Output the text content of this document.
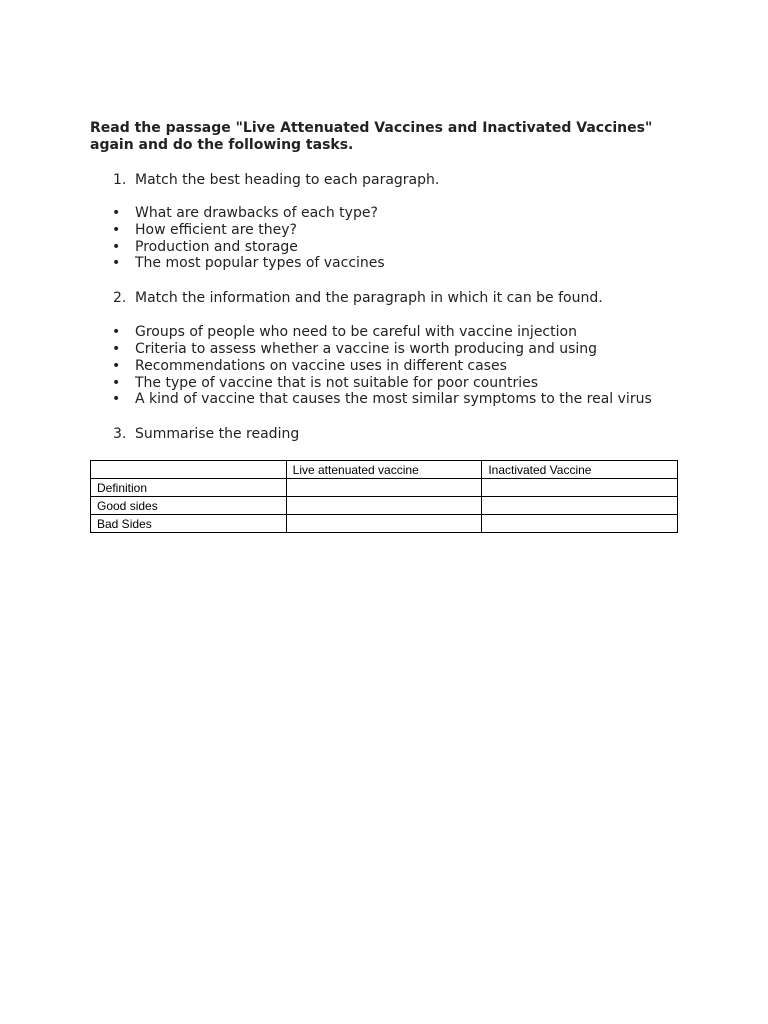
Read the passage "Live Attenuated Vaccines and Inactivated Vaccines" again and do the following tasks.

1. Match the best heading to each paragraph.
•	What are drawbacks of each type?
•	How efficient are they?
•	Production and storage
•	The most popular types of vaccines
2. Match the information and the paragraph in which it can be found.
•	Groups of people who need to be careful with vaccine injection
•	Criteria to assess whether a vaccine is worth producing and using
•	Recommendations on vaccine uses in different cases
•	The type of vaccine that is not suitable for poor countries
•	A kind of vaccine that causes the most similar symptoms to the real virus
3. Summarise the reading
	Live attenuated vaccine	Inactivated Vaccine
Definition		
Good sides		
Bad Sides		
